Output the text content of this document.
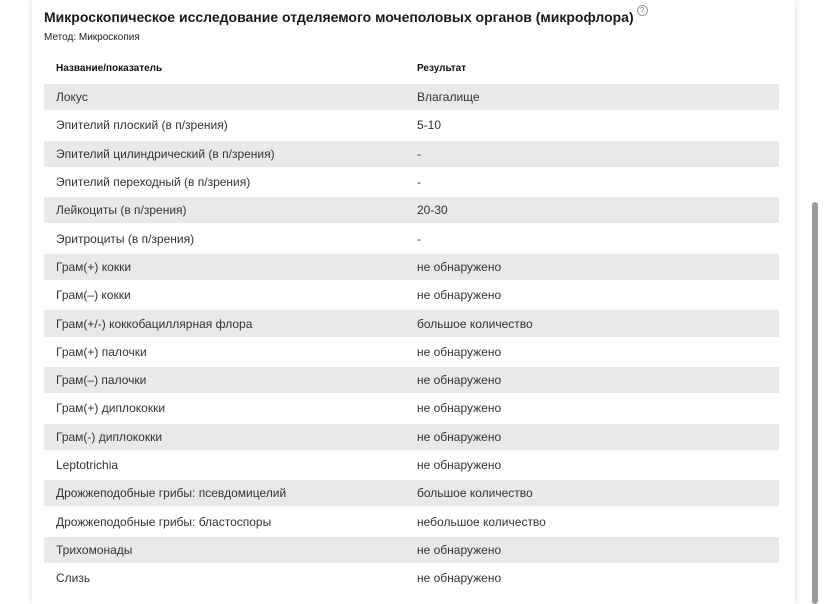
Микроскопическое исследование отделяемого мочеполовых органов (микрофлора) ?
Метод: Микроскопия
Название/показатель	Результат
Локус	Влагалище
Эпителий плоский (в п/зрения)	5-10
Эпителий цилиндрический (в п/зрения)	-
Эпителий переходный (в п/зрения)	-
Лейкоциты (в п/зрения)	20-30
Эритроциты (в п/зрения)	-
Грам(+) кокки	не обнаружено
Грам(–) кокки	не обнаружено
Грам(+/-) коккобациллярная флора	большое количество
Грам(+) палочки	не обнаружено
Грам(–) палочки	не обнаружено
Грам(+) диплококки	не обнаружено
Грам(-) диплококки	не обнаружено
Leptotrichia	не обнаружено
Дрожжеподобные грибы: псевдомицелий	большое количество
Дрожжеподобные грибы: бластоспоры	небольшое количество
Трихомонады	не обнаружено
Слизь	не обнаружено
